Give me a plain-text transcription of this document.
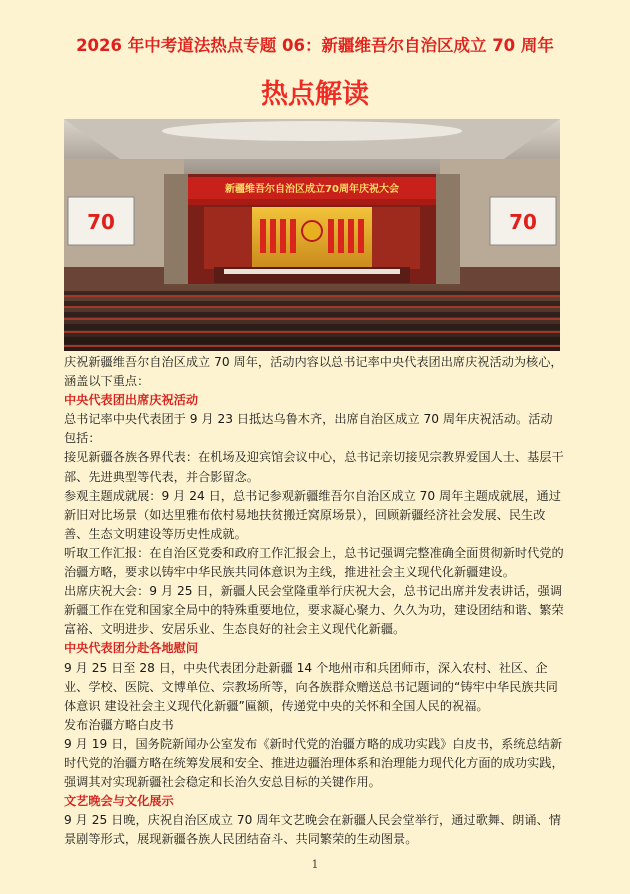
2026 年中考道法热点专题 06：新疆维吾尔自治区成立 70 周年
热点解读
70	70
新疆维吾尔自治区成立70周年庆祝大会

庆祝新疆维吾尔自治区成立 70 周年，活动内容以总书记率中央代表团出席庆祝活动为核心，涵盖以下重点：

中央代表团出席庆祝活动

总书记率中央代表团于 9 月 23 日抵达乌鲁木齐，出席自治区成立 70 周年庆祝活动。活动包括：

接见新疆各族各界代表：在机场及迎宾馆会议中心，总书记亲切接见宗教界爱国人士、基层干部、先进典型等代表，并合影留念。

参观主题成就展：9 月 24 日，总书记参观新疆维吾尔自治区成立 70 周年主题成就展，通过新旧对比场景（如达里雅布依村易地扶贫搬迁窝原场景），回顾新疆经济社会发展、民生改善、生态文明建设等历史性成就。

听取工作汇报：在自治区党委和政府工作汇报会上，总书记强调完整准确全面贯彻新时代党的治疆方略，要求以铸牢中华民族共同体意识为主线，推进社会主义现代化新疆建设。

出席庆祝大会：9 月 25 日，新疆人民会堂隆重举行庆祝大会，总书记出席并发表讲话，强调新疆工作在党和国家全局中的特殊重要地位，要求凝心聚力、久久为功，建设团结和谐、繁荣富裕、文明进步、安居乐业、生态良好的社会主义现代化新疆。

中央代表团分赴各地慰问

9 月 25 日至 28 日，中央代表团分赴新疆 14 个地州市和兵团师市，深入农村、社区、企业、学校、医院、文博单位、宗教场所等，向各族群众赠送总书记题词的“铸牢中华民族共同体意识 建设社会主义现代化新疆”匾额，传递党中央的关怀和全国人民的祝福。

发布治疆方略白皮书

9 月 19 日，国务院新闻办公室发布《新时代党的治疆方略的成功实践》白皮书，系统总结新时代党的治疆方略在统筹发展和安全、推进边疆治理体系和治理能力现代化方面的成功实践，强调其对实现新疆社会稳定和长治久安总目标的关键作用。

文艺晚会与文化展示

9 月 25 日晚，庆祝自治区成立 70 周年文艺晚会在新疆人民会堂举行，通过歌舞、朗诵、情景剧等形式，展现新疆各族人民团结奋斗、共同繁荣的生动图景。

1
